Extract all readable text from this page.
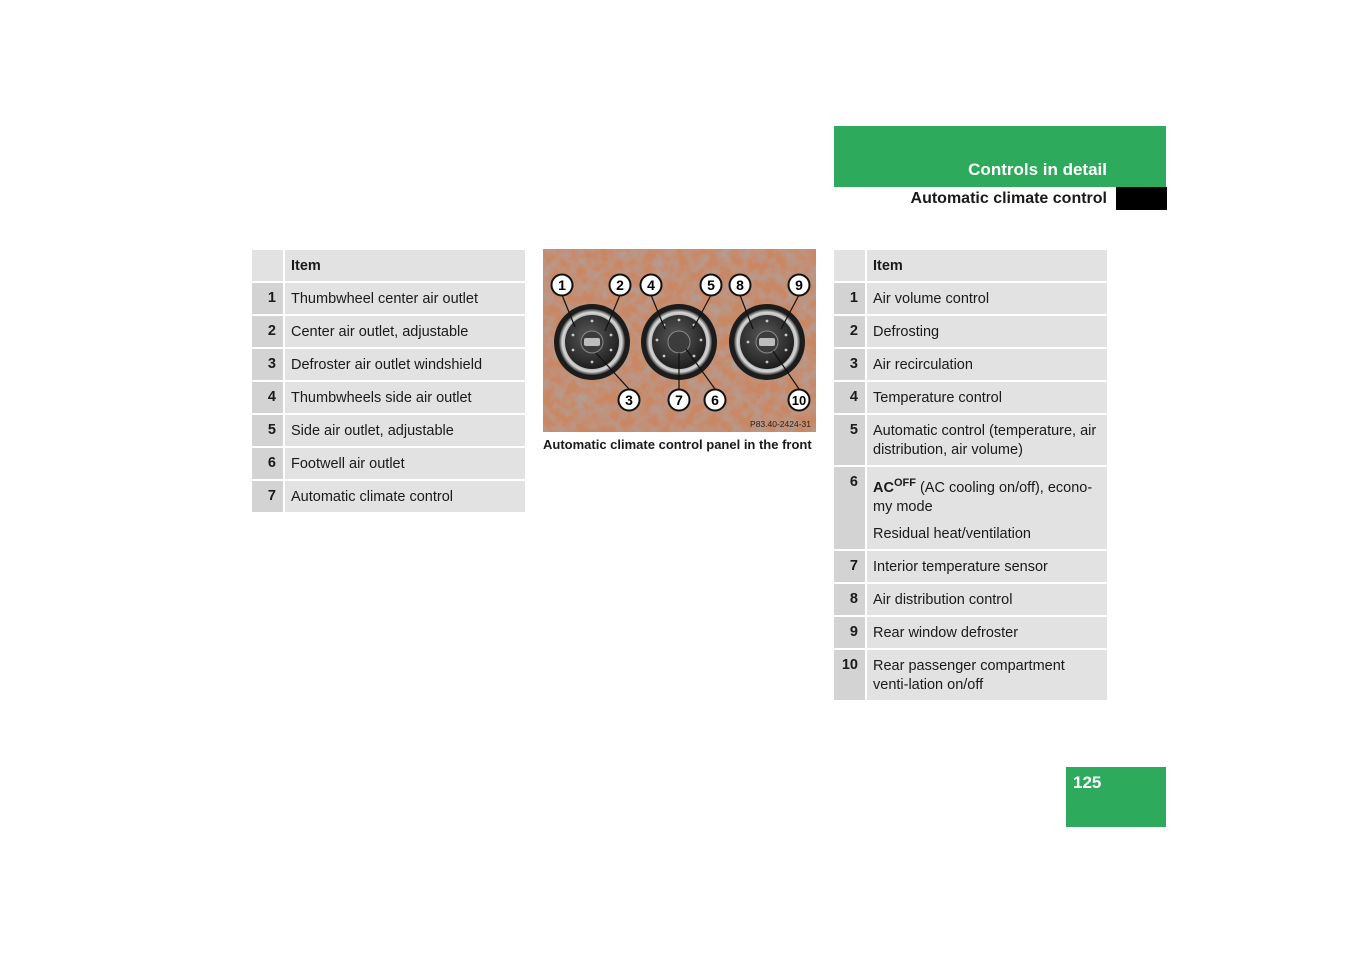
Controls in detail
Automatic climate control
	Item
1	Thumbwheel center air outlet
2	Center air outlet, adjustable
3	Defroster air outlet windshield
4	Thumbwheels side air outlet
5	Side air outlet, adjustable
6	Footwell air outlet
7	Automatic climate control
1	2
3
4	5
6
7
8	9
10
P83.40-2424-31
Automatic climate control panel in the front
	Item
1	Air volume control
2	Defrosting
3	Air recirculation
4	Temperature control
5	Automatic control (temperature, air distribution, air volume)
6	$AC^{OFF}$ (AC cooling on/off), econo-my mode

Residual heat/ventilation

7	Interior temperature sensor
8	Air distribution control
9	Rear window defroster
10	Rear passenger compartment venti-lation on/off
125
